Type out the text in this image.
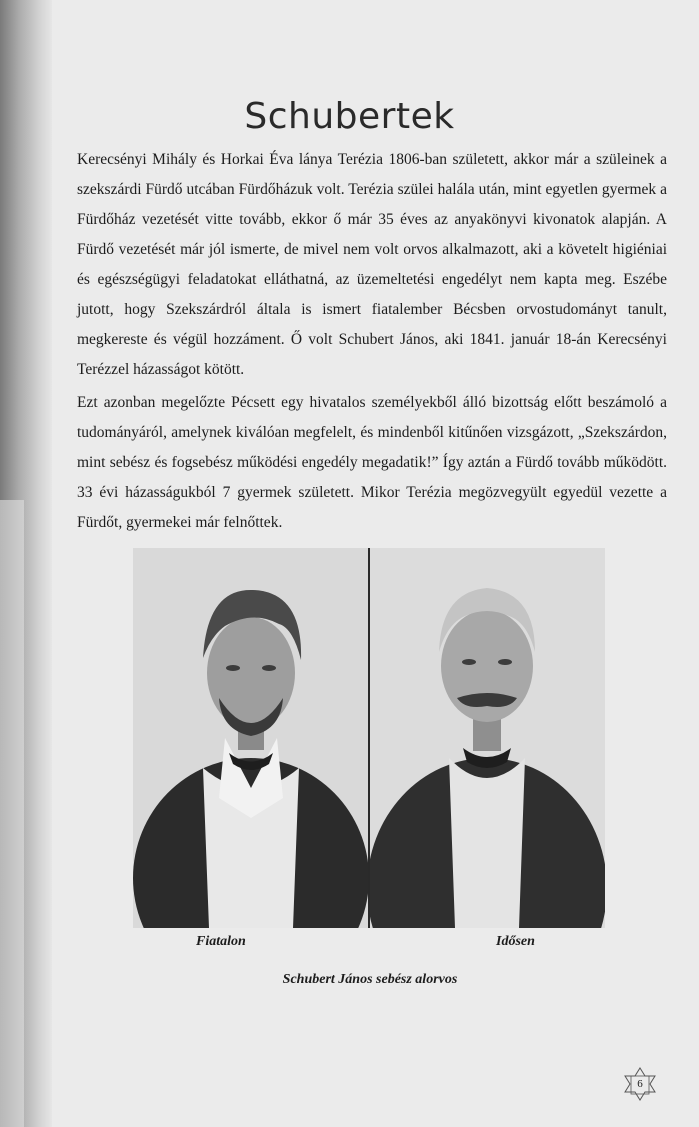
Schubertek

Kerecsényi Mihály és Horkai Éva lánya Terézia 1806-ban született, akkor már a szüleinek a szekszárdi Fürdő utcában Fürdőházuk volt. Terézia szülei halála után, mint egyetlen gyermek a Fürdőház vezetését vitte tovább, ekkor ő már 35 éves az anyakönyvi kivonatok alapján. A Fürdő vezetését már jól ismerte, de mivel nem volt orvos alkalmazott, aki a követelt higiéniai és egészségügyi feladatokat elláthatná, az üzemeltetési engedélyt nem kapta meg. Eszébe jutott, hogy Szekszárdról általa is ismert fiatalember Bécsben orvostudományt tanult, megkereste és végül hozzáment. Ő volt Schubert János, aki 1841. január 18-án Kerecsényi Terézzel házasságot kötött.

Ezt azonban megelőzte Pécsett egy hivatalos személyekből álló bizottság előtt beszámoló a tudományáról, amelynek kiválóan megfelelt, és mindenből kitűnően vizsgázott, „Szekszárdon, mint sebész és fogsebész működési engedély megadatik!” Így aztán a Fürdő tovább működött. 33 évi házasságukból 7 gyermek született. Mikor Terézia megözvegyült egyedül vezette a Fürdőt, gyermekei már felnőttek.

Fiatalon	Idősen
Schubert János sebész alorvos
6
